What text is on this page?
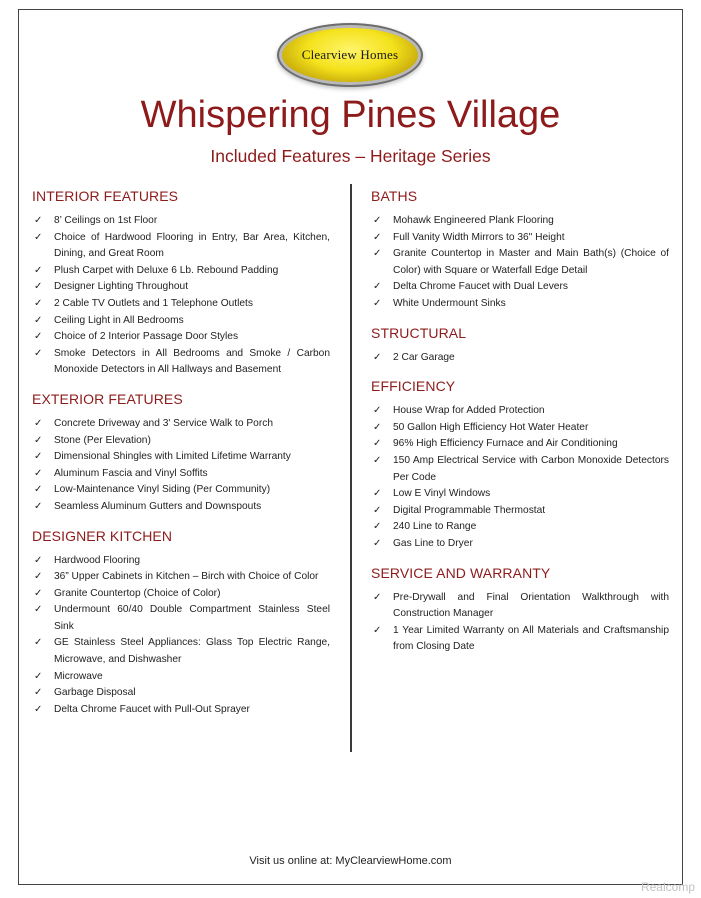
Clearview Homes
Whispering Pines Village
Included Features – Heritage Series
INTERIOR FEATURES
✓ 8’ Ceilings on 1st Floor
✓ Choice of Hardwood Flooring in Entry, Bar Area, Kitchen, Dining, and Great Room
✓ Plush Carpet with Deluxe 6 Lb. Rebound Padding
✓ Designer Lighting Throughout
✓ 2 Cable TV Outlets and 1 Telephone Outlets
✓ Ceiling Light in All Bedrooms
✓ Choice of 2 Interior Passage Door Styles
✓ Smoke Detectors in All Bedrooms and Smoke / Carbon Monoxide Detectors in All Hallways and Basement
EXTERIOR FEATURES
✓ Concrete Driveway and 3' Service Walk to Porch
✓ Stone (Per Elevation)
✓ Dimensional Shingles with Limited Lifetime Warranty
✓ Aluminum Fascia and Vinyl Soffits
✓ Low-Maintenance Vinyl Siding (Per Community)
✓ Seamless Aluminum Gutters and Downspouts
DESIGNER KITCHEN
✓ Hardwood Flooring
✓ 36” Upper Cabinets in Kitchen – Birch with Choice of Color
✓ Granite Countertop (Choice of Color)
✓ Undermount 60/40 Double Compartment Stainless Steel Sink
✓ GE Stainless Steel Appliances: Glass Top Electric Range, Microwave, and Dishwasher
✓ Microwave
✓ Garbage Disposal
✓ Delta Chrome Faucet with Pull-Out Sprayer
BATHS
✓ Mohawk Engineered Plank Flooring
✓ Full Vanity Width Mirrors to 36" Height
✓ Granite Countertop in Master and Main Bath(s) (Choice of Color) with Square or Waterfall Edge Detail
✓ Delta Chrome Faucet with Dual Levers
✓ White Undermount Sinks
STRUCTURAL
✓ 2 Car Garage
EFFICIENCY
✓ House Wrap for Added Protection
✓ 50 Gallon High Efficiency Hot Water Heater
✓ 96% High Efficiency Furnace and Air Conditioning
✓ 150 Amp Electrical Service with Carbon Monoxide Detectors Per Code
✓ Low E Vinyl Windows
✓ Digital Programmable Thermostat
✓ 240 Line to Range
✓ Gas Line to Dryer
SERVICE AND WARRANTY
✓ Pre-Drywall and Final Orientation Walkthrough with Construction Manager
✓ 1 Year Limited Warranty on All Materials and Craftsmanship from Closing Date
Visit us online at: MyClearviewHome.com
Realcomp
